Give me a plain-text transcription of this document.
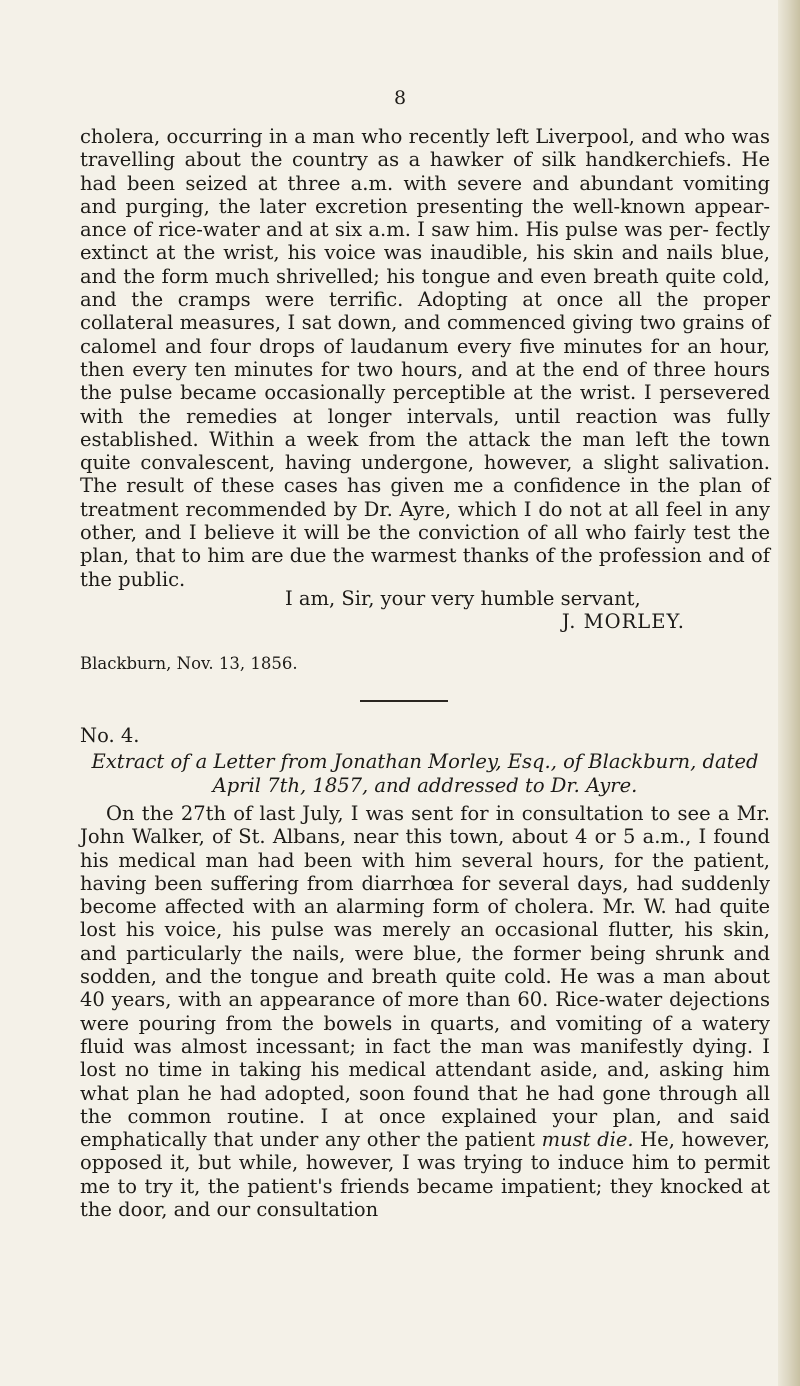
8

cholera, occurring in a man who recently left Liverpool, and who was travelling about the country as a hawker of silk handkerchiefs. He had been seized at three a.m. with severe and abundant vomiting and purging, the later excretion presenting the well-known appear- ance of rice-water and at six a.m. I saw him. His pulse was per- fectly extinct at the wrist, his voice was inaudible, his skin and nails blue, and the form much shrivelled; his tongue and even breath quite cold, and the cramps were terrific. Adopting at once all the proper collateral measures, I sat down, and commenced giving two grains of calomel and four drops of laudanum every five minutes for an hour, then every ten minutes for two hours, and at the end of three hours the pulse became occasionally perceptible at the wrist. I persevered with the remedies at longer intervals, until reaction was fully established. Within a week from the attack the man left the town quite convalescent, having undergone, however, a slight salivation. The result of these cases has given me a confidence in the plan of treatment recommended by Dr. Ayre, which I do not at all feel in any other, and I believe it will be the conviction of all who fairly test the plan, that to him are due the warmest thanks of the profession and of the public.

I am, Sir, your very humble servant,
J. MORLEY.
Blackburn, Nov. 13, 1856.
No. 4.

Extract of a Letter from Jonathan Morley, Esq., of Blackburn, dated April 7th, 1857, and addressed to Dr. Ayre.

On the 27th of last July, I was sent for in consultation to see a Mr. John Walker, of St. Albans, near this town, about 4 or 5 a.m., I found his medical man had been with him several hours, for the patient, having been suffering from diarrhœa for several days, had suddenly become affected with an alarming form of cholera. Mr. W. had quite lost his voice, his pulse was merely an occasional flutter, his skin, and particularly the nails, were blue, the former being shrunk and sodden, and the tongue and breath quite cold. He was a man about 40 years, with an appearance of more than 60. Rice-water dejections were pouring from the bowels in quarts, and vomiting of a watery fluid was almost incessant; in fact the man was manifestly dying. I lost no time in taking his medical attendant aside, and, asking him what plan he had adopted, soon found that he had gone through all the common routine. I at once explained your plan, and said emphatically that under any other the patient must die. He, however, opposed it, but while, however, I was trying to induce him to permit me to try it, the patient's friends became impatient; they knocked at the door, and our consultation
